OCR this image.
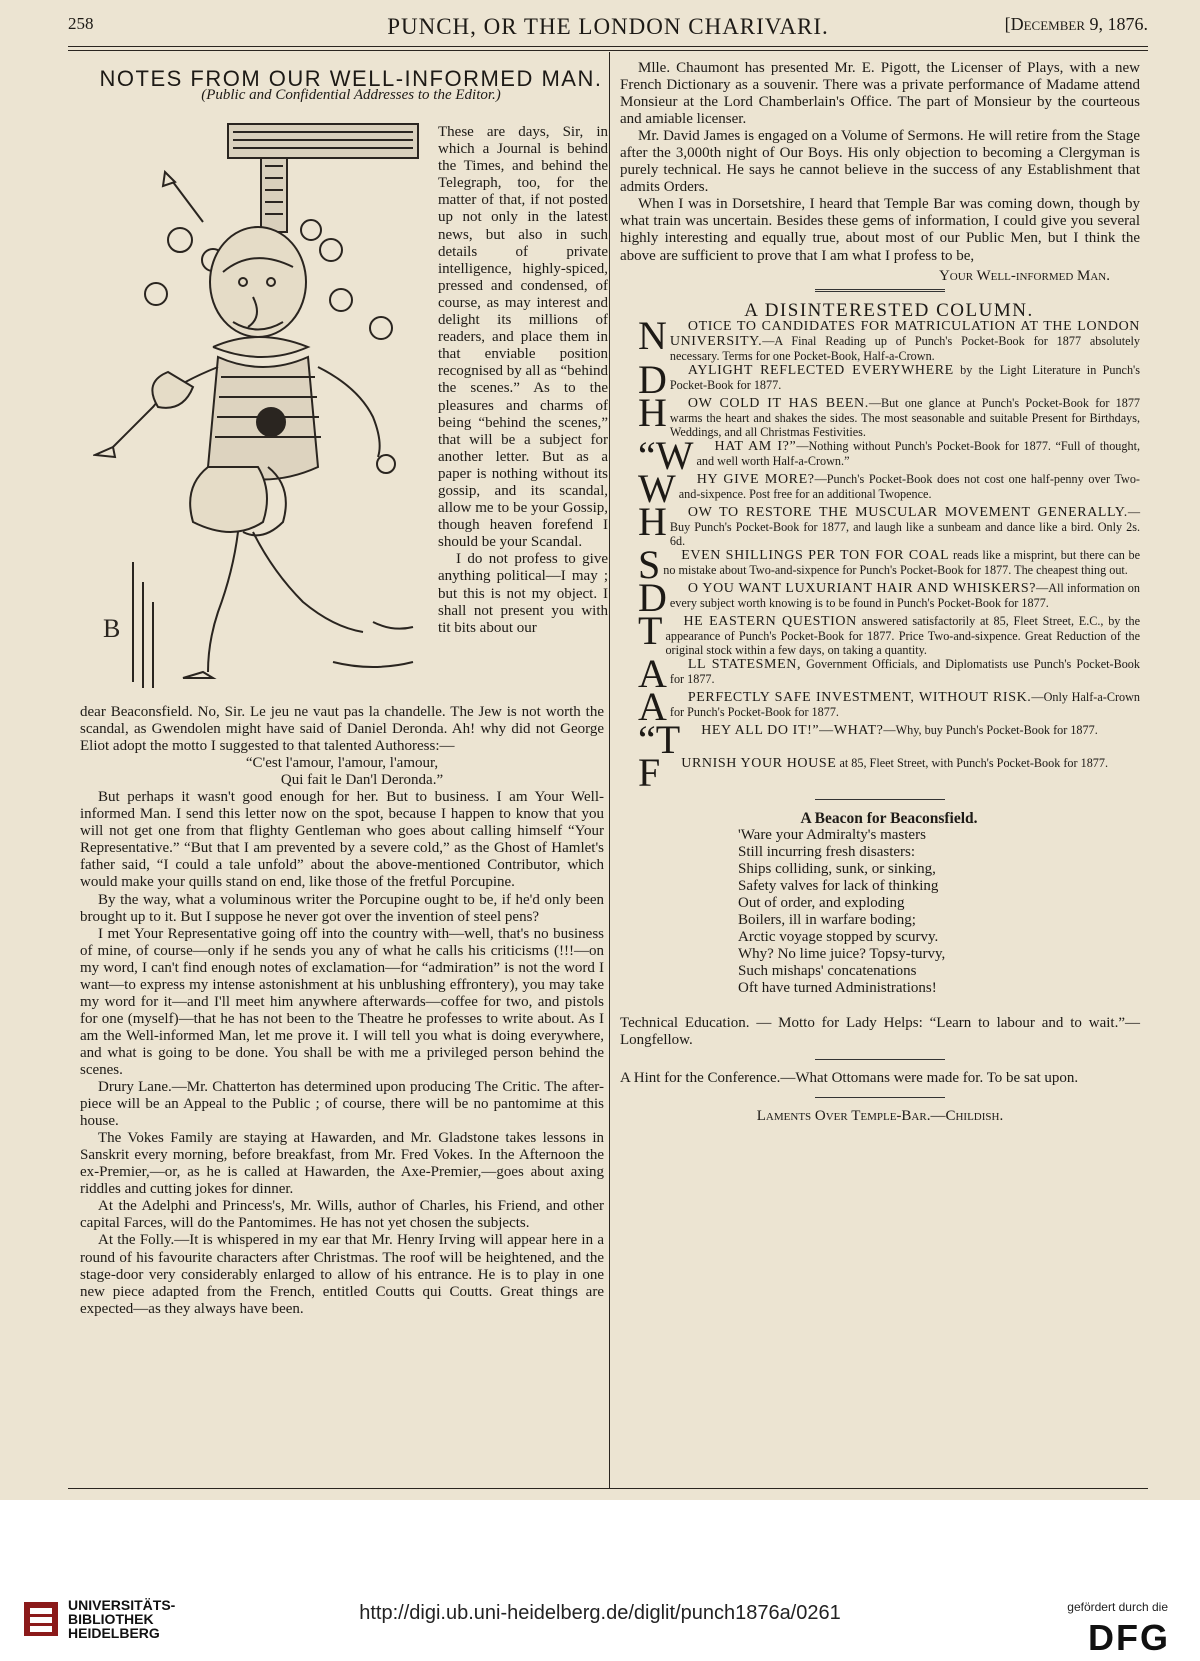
258	PUNCH, OR THE LONDON CHARIVARI.	[December 9, 1876.

NOTES FROM OUR WELL-INFORMED MAN.

(Public and Confidential Addresses to the Editor.)

B

These are days, Sir, in which a Journal is behind the Times, and behind the Telegraph, too, for the matter of that, if not posted up not only in the latest news, but also in such details of private intelligence, highly-spiced, pressed and condensed, of course, as may interest and delight its millions of readers, and place them in that enviable position recognised by all as “behind the scenes.” As to the pleasures and charms of being “behind the scenes,” that will be a subject for another letter. But as a paper is nothing without its gossip, and its scandal, allow me to be your Gossip, though heaven forefend I should be your Scandal.

I do not profess to give anything political—I may ; but this is not my object. I shall not present you with tit bits about our

dear Beaconsfield. No, Sir. Le jeu ne vaut pas la chandelle. The Jew is not worth the scandal, as Gwendolen might have said of Daniel Deronda. Ah! why did not George Eliot adopt the motto I suggested to that talented Authoress:—

“C'est l'amour, l'amour, l'amour,

Qui fait le Dan'l Deronda.”

But perhaps it wasn't good enough for her. But to business. I am Your Well-informed Man. I send this letter now on the spot, because I happen to know that you will not get one from that flighty Gentleman who goes about calling himself “Your Representative.” “But that I am prevented by a severe cold,” as the Ghost of Hamlet's father said, “I could a tale unfold” about the above-mentioned Contributor, which would make your quills stand on end, like those of the fretful Porcupine.

By the way, what a voluminous writer the Porcupine ought to be, if he'd only been brought up to it. But I suppose he never got over the invention of steel pens?

I met Your Representative going off into the country with—well, that's no business of mine, of course—only if he sends you any of what he calls his criticisms (!!!—on my word, I can't find enough notes of exclamation—for “admiration” is not the word I want—to express my intense astonishment at his unblushing effrontery), you may take my word for it—and I'll meet him anywhere afterwards—coffee for two, and pistols for one (myself)—that he has not been to the Theatre he professes to write about. As I am the Well-informed Man, let me prove it. I will tell you what is doing everywhere, and what is going to be done. You shall be with me a privileged person behind the scenes.

Drury Lane.—Mr. Chatterton has determined upon producing The Critic. The after-piece will be an Appeal to the Public ; of course, there will be no pantomime at this house.

The Vokes Family are staying at Hawarden, and Mr. Gladstone takes lessons in Sanskrit every morning, before breakfast, from Mr. Fred Vokes. In the Afternoon the ex-Premier,—or, as he is called at Hawarden, the Axe-Premier,—goes about axing riddles and cutting jokes for dinner.

At the Adelphi and Princess's, Mr. Wills, author of Charles, his Friend, and other capital Farces, will do the Pantomimes. He has not yet chosen the subjects.

At the Folly.—It is whispered in my ear that Mr. Henry Irving will appear here in a round of his favourite characters after Christmas. The roof will be heightened, and the stage-door very considerably enlarged to allow of his entrance. He is to play in one new piece adapted from the French, entitled Coutts qui Coutts. Great things are expected—as they always have been.

Mlle. Chaumont has presented Mr. E. Pigott, the Licenser of Plays, with a new French Dictionary as a souvenir. There was a private performance of Madame attend Monsieur at the Lord Chamberlain's Office. The part of Monsieur by the courteous and amiable licenser.

Mr. David James is engaged on a Volume of Sermons. He will retire from the Stage after the 3,000th night of Our Boys. His only objection to becoming a Clergyman is purely technical. He says he cannot believe in the success of any Establishment that admits Orders.

When I was in Dorsetshire, I heard that Temple Bar was coming down, though by what train was uncertain. Besides these gems of information, I could give you several highly interesting and equally true, about most of our Public Men, but I think the above are sufficient to prove that I am what I profess to be,

Your Well-informed Man.

A DISINTERESTED COLUMN.

N OTICE TO CANDIDATES FOR MATRICULATION AT THE LONDON UNIVERSITY.—A Final Reading up of Punch's Pocket-Book for 1877 absolutely necessary. Terms for one Pocket-Book, Half-a-Crown.

D AYLIGHT REFLECTED EVERYWHERE by the Light Literature in Punch's Pocket-Book for 1877.

H OW COLD IT HAS BEEN.—But one glance at Punch's Pocket-Book for 1877 warms the heart and shakes the sides. The most seasonable and suitable Present for Birthdays, Weddings, and all Christmas Festivities.

“W HAT AM I?”—Nothing without Punch's Pocket-Book for 1877. “Full of thought, and well worth Half-a-Crown.”

W HY GIVE MORE?—Punch's Pocket-Book does not cost one half-penny over Two-and-sixpence. Post free for an additional Twopence.

H OW TO RESTORE THE MUSCULAR MOVEMENT GENERALLY.—Buy Punch's Pocket-Book for 1877, and laugh like a sunbeam and dance like a bird. Only 2s. 6d.

S EVEN SHILLINGS PER TON FOR COAL reads like a misprint, but there can be no mistake about Two-and-sixpence for Punch's Pocket-Book for 1877. The cheapest thing out.

D O YOU WANT LUXURIANT HAIR AND WHISKERS?—All information on every subject worth knowing is to be found in Punch's Pocket-Book for 1877.

T HE EASTERN QUESTION answered satisfactorily at 85, Fleet Street, E.C., by the appearance of Punch's Pocket-Book for 1877. Price Two-and-sixpence. Great Reduction of the original stock within a few days, on taking a quantity.

A LL STATESMEN, Government Officials, and Diplomatists use Punch's Pocket-Book for 1877.

A PERFECTLY SAFE INVESTMENT, WITHOUT RISK.—Only Half-a-Crown for Punch's Pocket-Book for 1877.

“T HEY ALL DO IT!”—WHAT?—Why, buy Punch's Pocket-Book for 1877.

F URNISH YOUR HOUSE at 85, Fleet Street, with Punch's Pocket-Book for 1877.

A Beacon for Beaconsfield.

'Ware your Admiralty's masters
Still incurring fresh disasters:
Ships colliding, sunk, or sinking,
Safety valves for lack of thinking
Out of order, and exploding
Boilers, ill in warfare boding;
Arctic voyage stopped by scurvy.
Why? No lime juice? Topsy-turvy,
Such mishaps' concatenations
Oft have turned Administrations!

Technical Education. — Motto for Lady Helps: “Learn to labour and to wait.”—Longfellow.

A Hint for the Conference.—What Ottomans were made for. To be sat upon.

Laments Over Temple-Bar.—Childish.

UNIVERSITÄTS-
BIBLIOTHEK
HEIDELBERG
http://digi.ub.uni-heidelberg.de/diglit/punch1876a/0261	gefördert durch die
DFG
